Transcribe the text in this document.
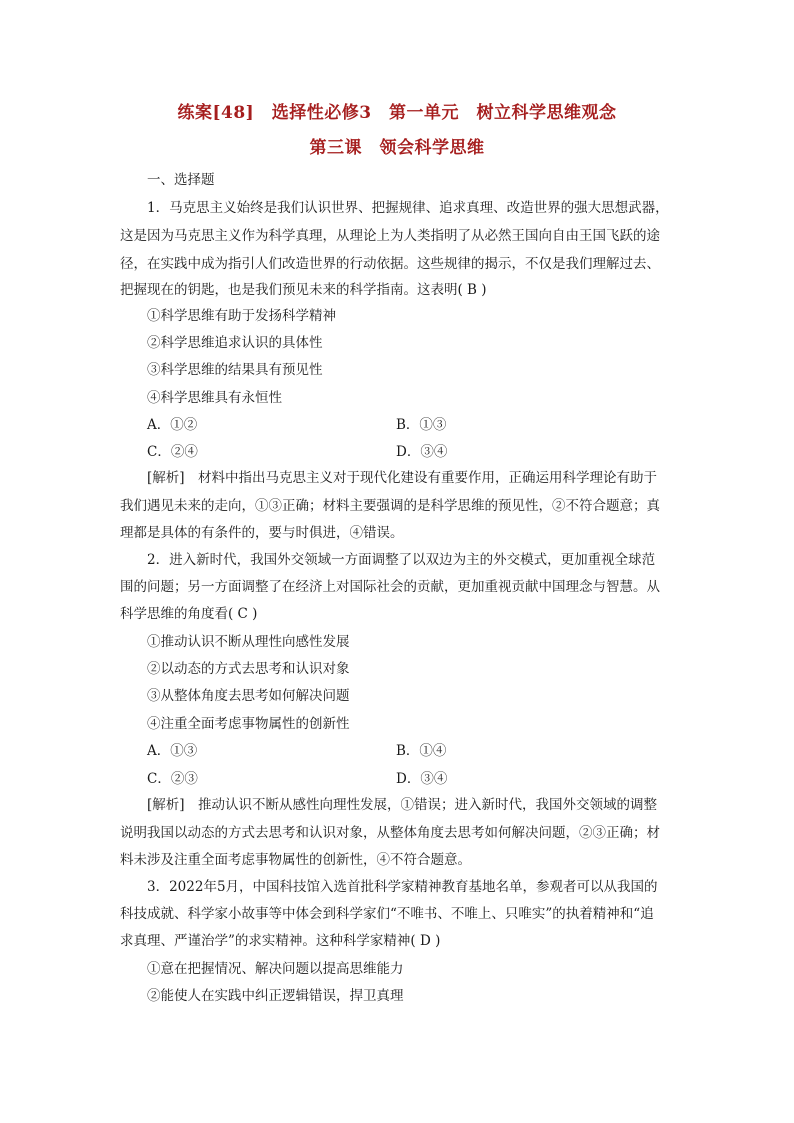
练案[48]　选择性必修3　第一单元　树立科学思维观念
第三课　领会科学思维
一、选择题
1．马克思主义始终是我们认识世界、把握规律、追求真理、改造世界的强大思想武器，
这是因为马克思主义作为科学真理，从理论上为人类指明了从必然王国向自由王国飞跃的途
径，在实践中成为指引人们改造世界的行动依据。这些规律的揭示，不仅是我们理解过去、
把握现在的钥匙，也是我们预见未来的科学指南。这表明( B )
①科学思维有助于发扬科学精神
②科学思维追求认识的具体性
③科学思维的结果具有预见性
④科学思维具有永恒性
A．①②	B．①③
C．②④	D．③④
[解析]　材料中指出马克思主义对于现代化建设有重要作用，正确运用科学理论有助于
我们遇见未来的走向，①③正确；材料主要强调的是科学思维的预见性，②不符合题意；真
理都是具体的有条件的，要与时俱进，④错误。
2．进入新时代，我国外交领域一方面调整了以双边为主的外交模式，更加重视全球范
围的问题；另一方面调整了在经济上对国际社会的贡献，更加重视贡献中国理念与智慧。从
科学思维的角度看( C )
①推动认识不断从理性向感性发展
②以动态的方式去思考和认识对象
③从整体角度去思考如何解决问题
④注重全面考虑事物属性的创新性
A．①③	B．①④
C．②③	D．③④
[解析]　推动认识不断从感性向理性发展，①错误；进入新时代，我国外交领域的调整
说明我国以动态的方式去思考和认识对象，从整体角度去思考如何解决问题，②③正确；材
料未涉及注重全面考虑事物属性的创新性，④不符合题意。
3．2022年5月，中国科技馆入选首批科学家精神教育基地名单，参观者可以从我国的
科技成就、科学家小故事等中体会到科学家们“不唯书、不唯上、只唯实”的执着精神和“追
求真理、严谨治学”的求实精神。这种科学家精神( D )
①意在把握情况、解决问题以提高思维能力
②能使人在实践中纠正逻辑错误，捍卫真理
